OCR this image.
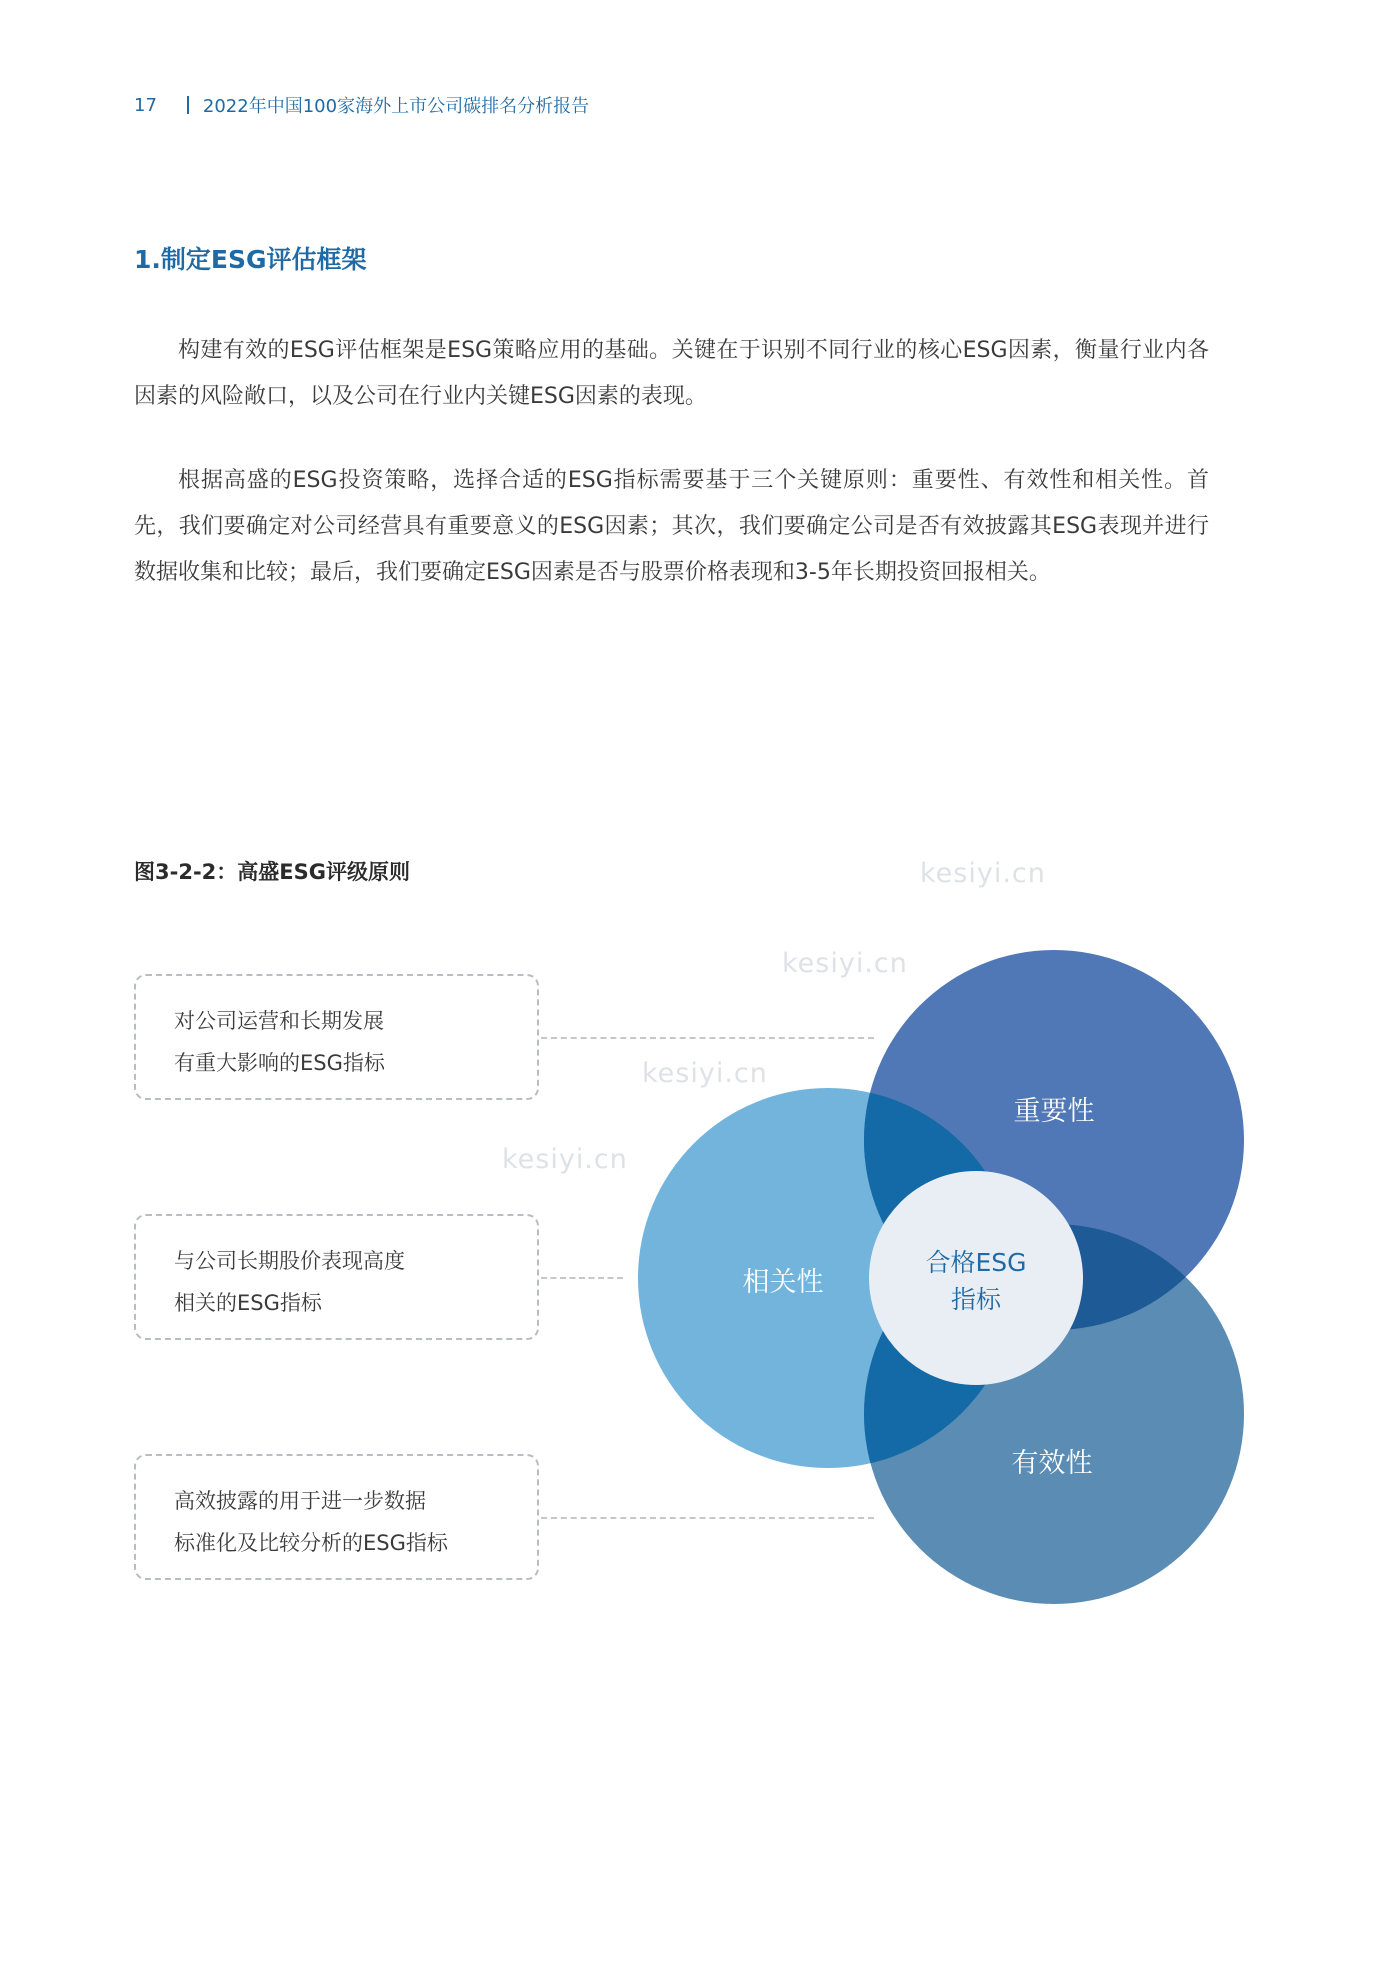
17	2022年中国100家海外上市公司碳排名分析报告
1.制定ESG评估框架

构建有效的ESG评估框架是ESG策略应用的基础。关键在于识别不同行业的核心ESG因素，衡量行业内各因素的风险敞口，以及公司在行业内关键ESG因素的表现。

根据高盛的ESG投资策略，选择合适的ESG指标需要基于三个关键原则：重要性、有效性和相关性。首先，我们要确定对公司经营具有重要意义的ESG因素；其次，我们要确定公司是否有效披露其ESG表现并进行数据收集和比较；最后，我们要确定ESG因素是否与股票价格表现和3-5年长期投资回报相关。

kesiyi.cn
kesiyi.cn
kesiyi.cn
kesiyi.cn
图3-2-2：高盛ESG评级原则
对公司运营和长期发展
有重大影响的ESG指标
与公司长期股价表现高度
相关的ESG指标
高效披露的用于进一步数据
标准化及比较分析的ESG指标
重要性
相关性
有效性
合格ESG
指标
